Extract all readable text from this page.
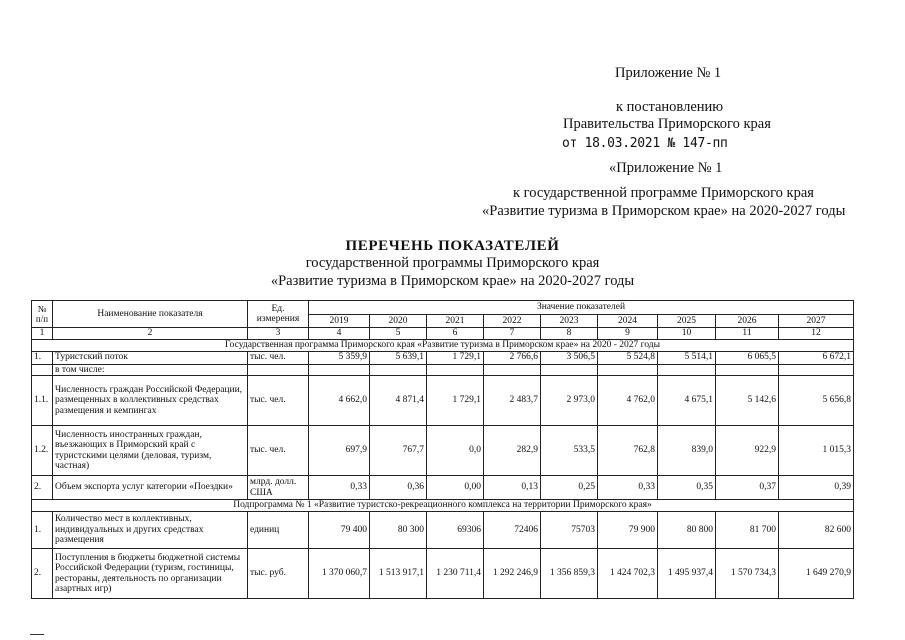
Приложение № 1
к постановлению
Правительства Приморского края
от 18.03.2021 № 147-пп
«Приложение № 1
к государственной программе Приморского края
«Развитие туризма в Приморском крае» на 2020-2027 годы
ПЕРЕЧЕНЬ ПОКАЗАТЕЛЕЙ
государственной программы Приморского края
«Развитие туризма в Приморском крае» на 2020-2027 годы
№ п/п	Наименование показателя	Ед. измерения	Значение показателей								
			2019	2020	2021	2022	2023	2024	2025	2026	2027
1	2	3	4	5	6	7	8	9	10	11	12
Государственная программа Приморского края «Развитие туризма в Приморском крае» на 2020 - 2027 годы											
1.	Туристский поток	тыс. чел.	5 359,9	5 639,1	1 729,1	2 766,6	3 506,5	5 524,8	5 514,1	6 065,5	6 672,1
	в том числе:										
1.1.	Численность граждан Российской Федерации, размещенных в коллективных средствах размещения и кемпингах	тыс. чел.	4 662,0	4 871,4	1 729,1	2 483,7	2 973,0	4 762,0	4 675,1	5 142,6	5 656,8
1.2.	Численность иностранных граждан, въезжающих в Приморский край с туристскими целями (деловая, туризм, частная)	тыс. чел.	697,9	767,7	0,0	282,9	533,5	762,8	839,0	922,9	1 015,3
2.	Объем экспорта услуг категории «Поездки»	млрд. долл. США	0,33	0,36	0,00	0,13	0,25	0,33	0,35	0,37	0,39
Подпрограмма № 1 «Развитие туристско-рекреационного комплекса на территории Приморского края»											
1.	Количество мест в коллективных, индивидуальных и других средствах размещения	единиц	79 400	80 300	69306	72406	75703	79 900	80 800	81 700	82 600
2.	Поступления в бюджеты бюджетной системы Российской Федерации (туризм, гостиницы, рестораны, деятельность по организации азартных игр)	тыс. руб.	1 370 060,7	1 513 917,1	1 230 711,4	1 292 246,9	1 356 859,3	1 424 702,3	1 495 937,4	1 570 734,3	1 649 270,9
